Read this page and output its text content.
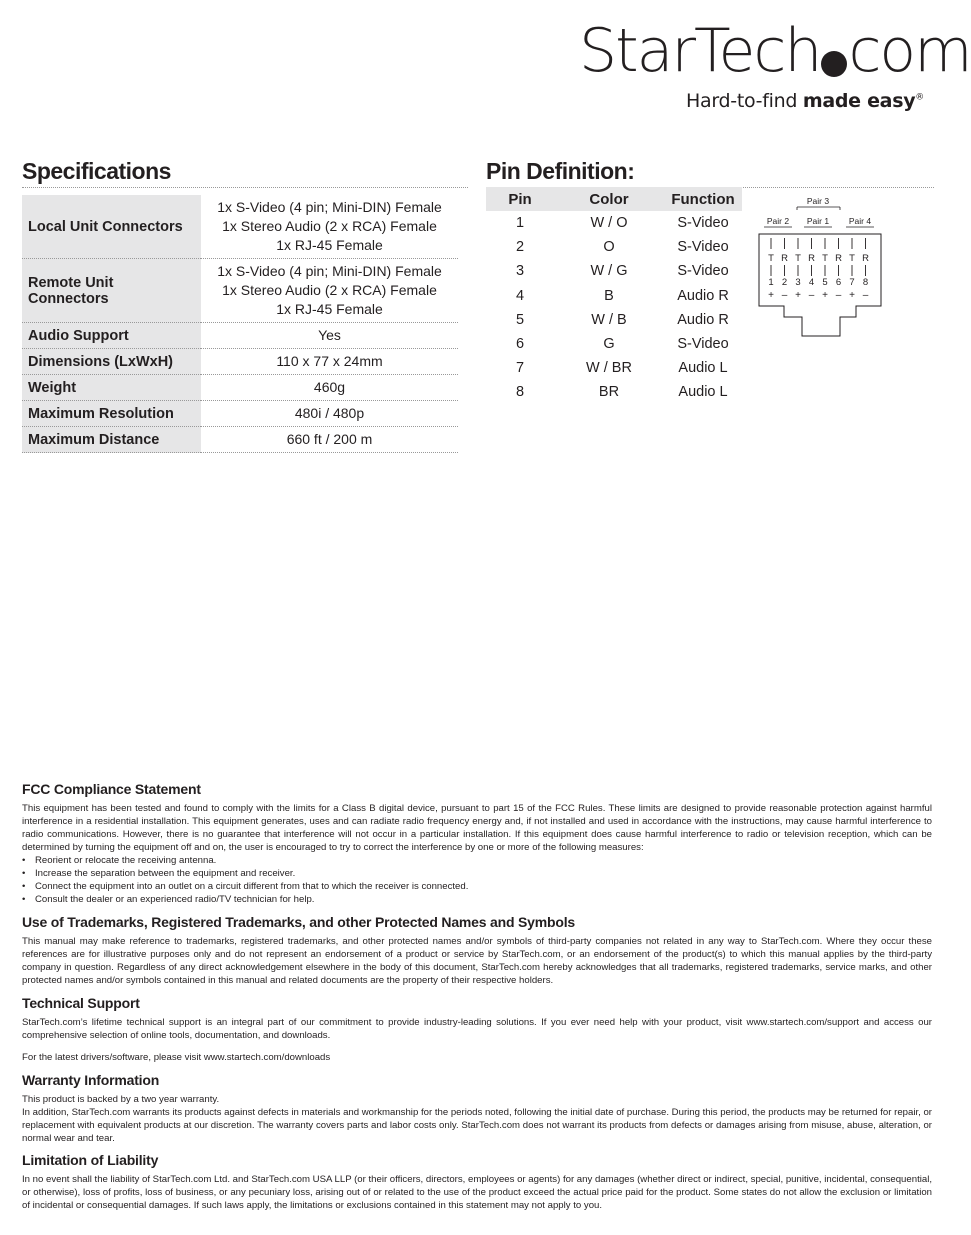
StarTech com
Hard-to-find made easy®
Specifications
Local Unit Connectors	1x S-Video (4 pin; Mini-DIN) Female
1x Stereo Audio (2 x RCA) Female
1x RJ-45 Female

Remote Unit Connectors	1x S-Video (4 pin; Mini-DIN) Female
1x Stereo Audio (2 x RCA) Female
1x RJ-45 Female

Audio Support	Yes

Dimensions (LxWxH)	110 x 77 x 24mm

Weight	460g

Maximum Resolution	480i / 480p

Maximum Distance	660 ft / 200 m
Pin Definition:
Pin	Color	Function
1	W / O	S-Video
2	O	S-Video
3	W / G	S-Video
4	B	Audio R
5	W / B	Audio R
6	G	S-Video
7	W / BR	Audio L
8	BR	Audio L
Pair 3
Pair 2 Pair 1 Pair 4
T
1
+
R
2
–
T
3
+
R
4
–
T
5
+
R
6
–
T
7
+
R
8
–
FCC Compliance Statement

This equipment has been tested and found to comply with the limits for a Class B digital device, pursuant to part 15 of the FCC Rules. These limits are designed to provide reasonable protection against harmful interference in a residential installation. This equipment generates, uses and can radiate radio frequency energy and, if not installed and used in accordance with the instructions, may cause harmful interference to radio communications. However, there is no guarantee that interference will not occur in a particular installation. If this equipment does cause harmful interference to radio or television reception, which can be determined by turning the equipment off and on, the user is encouraged to try to correct the interference by one or more of the following measures:

• Reorient or relocate the receiving antenna.
• Increase the separation between the equipment and receiver.
• Connect the equipment into an outlet on a circuit different from that to which the receiver is connected.
• Consult the dealer or an experienced radio/TV technician for help.
Use of Trademarks, Registered Trademarks, and other Protected Names and Symbols

This manual may make reference to trademarks, registered trademarks, and other protected names and/or symbols of third-party companies not related in any way to StarTech.com. Where they occur these references are for illustrative purposes only and do not represent an endorsement of a product or service by StarTech.com, or an endorsement of the product(s) to which this manual applies by the third-party company in question. Regardless of any direct acknowledgement elsewhere in the body of this document, StarTech.com hereby acknowledges that all trademarks, registered trademarks, service marks, and other protected names and/or symbols contained in this manual and related documents are the property of their respective holders.

Technical Support

StarTech.com’s lifetime technical support is an integral part of our commitment to provide industry-leading solutions. If you ever need help with your product, visit www.startech.com/support and access our comprehensive selection of online tools, documentation, and downloads.

For the latest drivers/software, please visit www.startech.com/downloads

Warranty Information

This product is backed by a two year warranty.

In addition, StarTech.com warrants its products against defects in materials and workmanship for the periods noted, following the initial date of purchase. During this period, the products may be returned for repair, or replacement with equivalent products at our discretion. The warranty covers parts and labor costs only. StarTech.com does not warrant its products from defects or damages arising from misuse, abuse, alteration, or normal wear and tear.

Limitation of Liability

In no event shall the liability of StarTech.com Ltd. and StarTech.com USA LLP (or their officers, directors, employees or agents) for any damages (whether direct or indirect, special, punitive, incidental, consequential, or otherwise), loss of profits, loss of business, or any pecuniary loss, arising out of or related to the use of the product exceed the actual price paid for the product. Some states do not allow the exclusion or limitation of incidental or consequential damages. If such laws apply, the limitations or exclusions contained in this statement may not apply to you.
